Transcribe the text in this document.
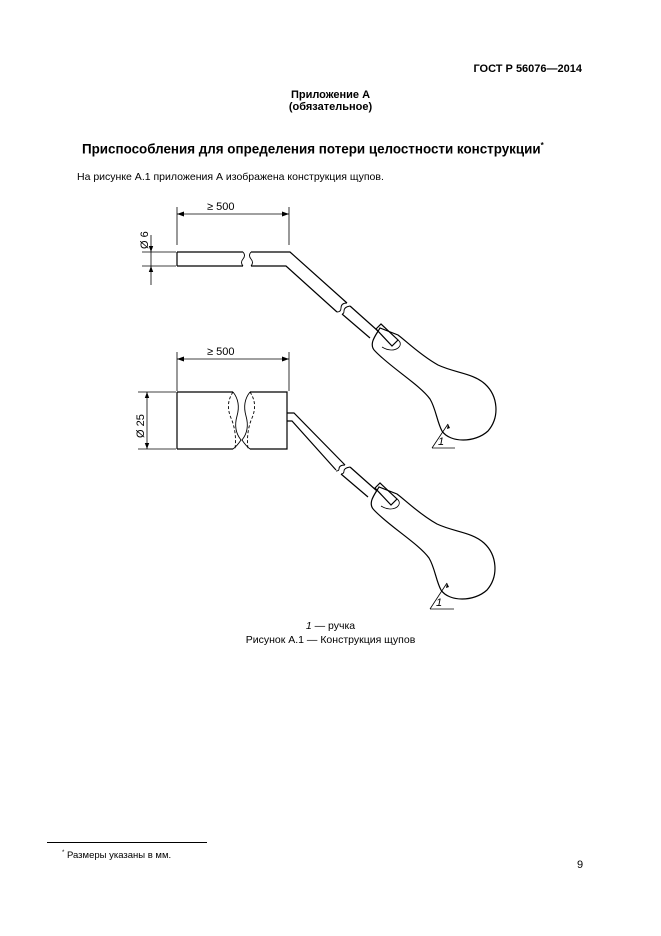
ГОСТ Р 56076—2014
Приложение А
(обязательное)
Приспособления для определения потери целостности конструкции*
На рисунке А.1 приложения А изображена конструкция щупов.
≥ 500
Ø 6
1
≥ 500
Ø 25
1
1 — ручка
Рисунок А.1 — Конструкция щупов
* Размеры указаны в мм.
9
